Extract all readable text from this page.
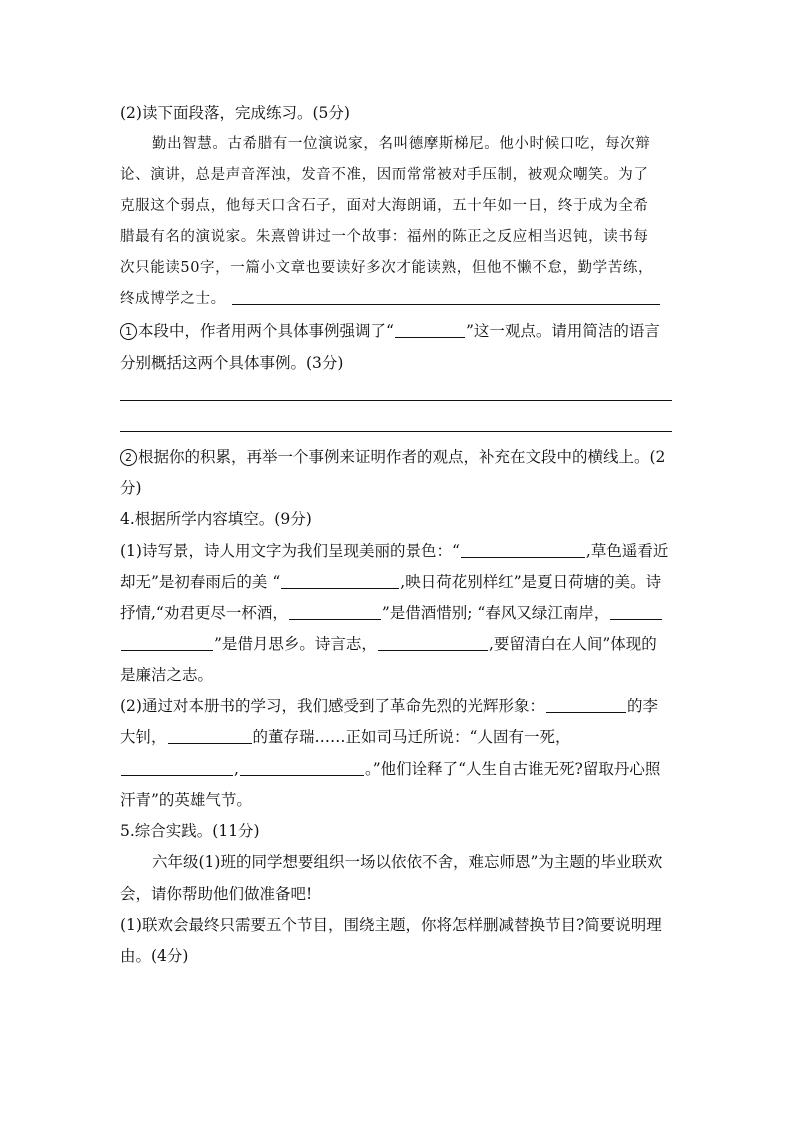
(2)读下面段落，完成练习。(5分)
勤出智慧。古希腊有一位演说家，名叫德摩斯梯尼。他小时候口吃，每次辩
论、演讲，总是声音浑浊，发音不准，因而常常被对手压制，被观众嘲笑。为了
克服这个弱点，他每天口含石子，面对大海朗诵，五十年如一日，终于成为全希
腊最有名的演说家。朱熹曾讲过一个故事：福州的陈正之反应相当迟钝，读书每
次只能读50字，一篇小文章也要读好多次才能读熟，但他不懒不怠，勤学苦练，
终成博学之士。
1 本段中，作者用两个具体事例强调了“	”这一观点。请用简洁的语言
分别概括这两个具体事例。(3分)
2 根据你的积累，再举一个事例来证明作者的观点，补充在文段中的横线上。(2
分)
4.根据所学内容填空。(9分)
(1)诗写景，诗人用文字为我们呈现美丽的景色：“	,草色遥看近
却无”是初春雨后的美 “	,映日荷花别样红”是夏日荷塘的美。诗
抒情,“劝君更尽一杯酒，	”是借酒惜别; “春风又绿江南岸，
”是借月思乡。诗言志，	,要留清白在人间”体现的
是廉洁之志。
(2)通过对本册书的学习，我们感受到了革命先烈的光辉形象：	的李
大钊，	的董存瑞……正如司马迁所说：“人固有一死，
,	。”他们诠释了“人生自古谁无死?留取丹心照
汗青”的英雄气节。
5.综合实践。(11分)
六年级(1)班的同学想要组织一场以依依不舍，难忘师恩”为主题的毕业联欢
会，请你帮助他们做准备吧!
(1)联欢会最终只需要五个节目，围绕主题，你将怎样删减替换节目?简要说明理
由。(4分)
